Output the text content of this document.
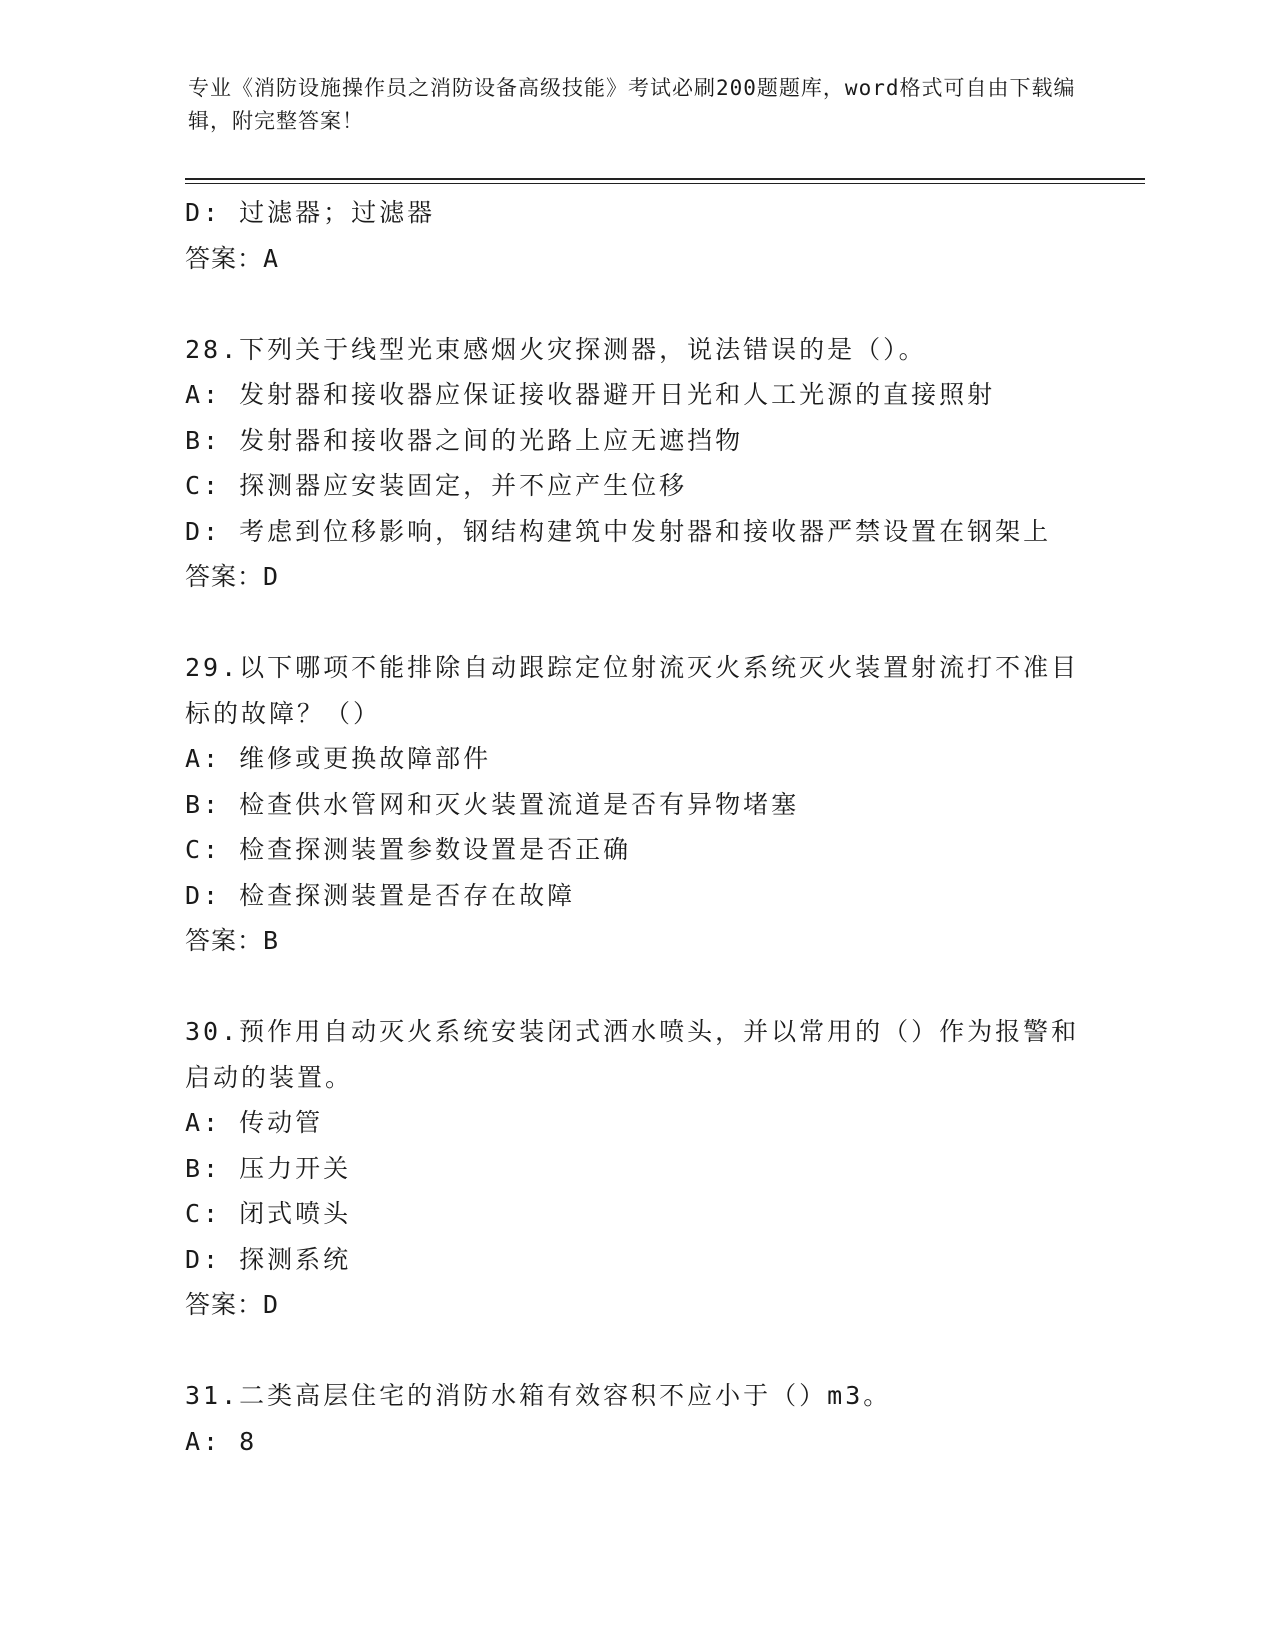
专业《消防设施操作员之消防设备高级技能》考试必刷200题题库，word格式可自由下载编辑，附完整答案！
D: 过滤器；过滤器
答案：A
28.下列关于线型光束感烟火灾探测器，说法错误的是（）。
A: 发射器和接收器应保证接收器避开日光和人工光源的直接照射
B: 发射器和接收器之间的光路上应无遮挡物
C: 探测器应安装固定，并不应产生位移
D: 考虑到位移影响，钢结构建筑中发射器和接收器严禁设置在钢架上
答案：D
29.以下哪项不能排除自动跟踪定位射流灭火系统灭火装置射流打不准目标的故障？（）
A: 维修或更换故障部件
B: 检查供水管网和灭火装置流道是否有异物堵塞
C: 检查探测装置参数设置是否正确
D: 检查探测装置是否存在故障
答案：B
30.预作用自动灭火系统安装闭式洒水喷头，并以常用的（）作为报警和启动的装置。
A: 传动管
B: 压力开关
C: 闭式喷头
D: 探测系统
答案：D
31.二类高层住宅的消防水箱有效容积不应小于（）m3。
A: 8
